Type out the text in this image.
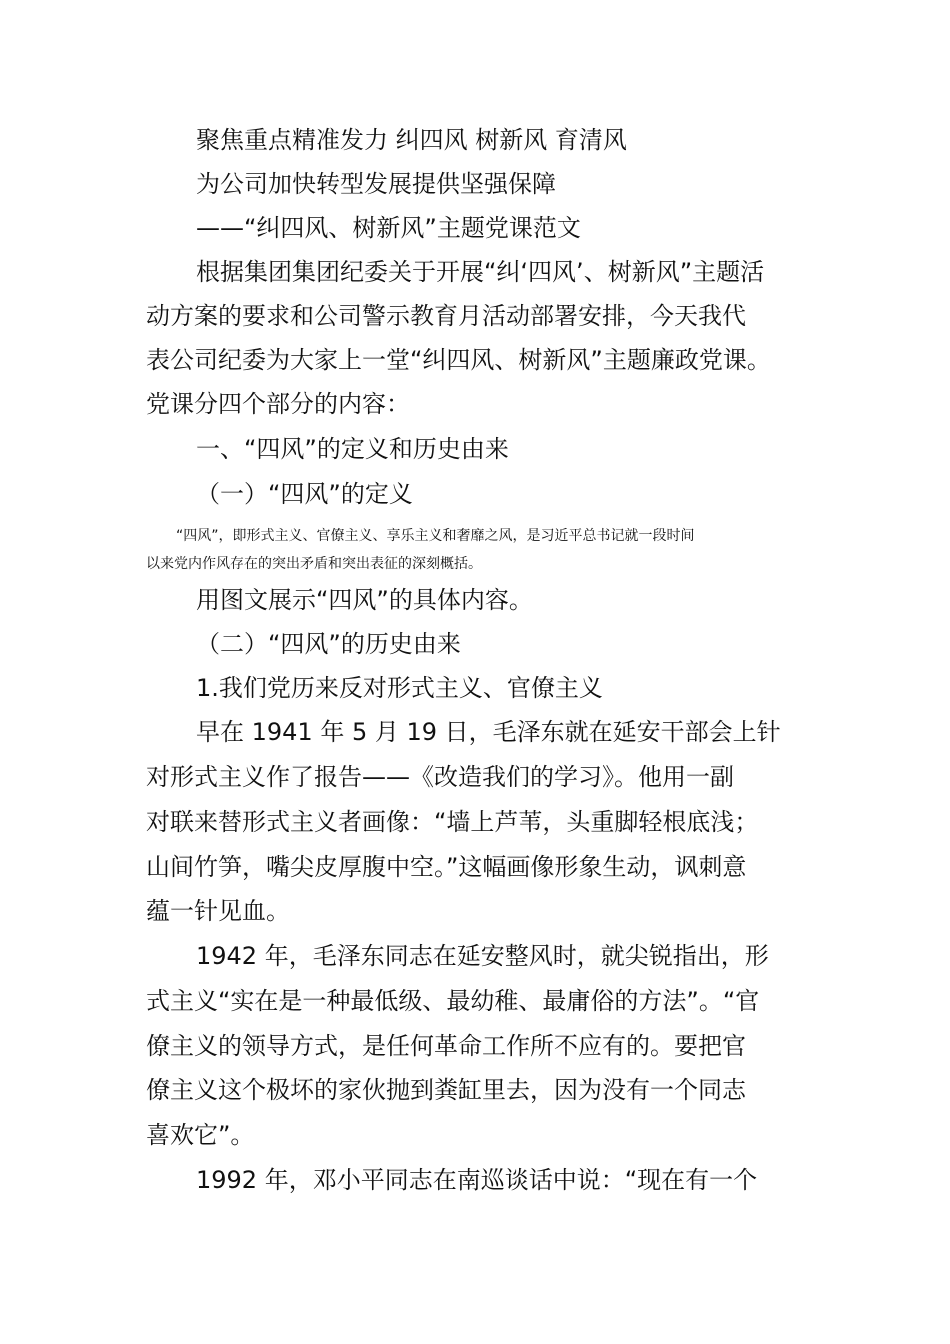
聚焦重点精准发力 纠四风 树新风 育清风

为公司加快转型发展提供坚强保障

——“纠四风、树新风”主题党课范文

根据集团集团纪委关于开展“纠‘四风’、树新风”主题活

动方案的要求和公司警示教育月活动部署安排，今天我代

表公司纪委为大家上一堂“纠四风、树新风”主题廉政党课。

党课分四个部分的内容：

一、“四风”的定义和历史由来

（一）“四风”的定义

“四风”，即形式主义、官僚主义、享乐主义和奢靡之风，是习近平总书记就一段时间

以来党内作风存在的突出矛盾和突出表征的深刻概括。

用图文展示“四风”的具体内容。

（二）“四风”的历史由来

1.我们党历来反对形式主义、官僚主义

早在 1941 年 5 月 19 日，毛泽东就在延安干部会上针

对形式主义作了报告——《改造我们的学习》。他用一副

对联来替形式主义者画像：“墙上芦苇，头重脚轻根底浅；

山间竹笋，嘴尖皮厚腹中空。”这幅画像形象生动，讽刺意

蕴一针见血。

1942 年，毛泽东同志在延安整风时，就尖锐指出，形

式主义“实在是一种最低级、最幼稚、最庸俗的方法”。“官

僚主义的领导方式，是任何革命工作所不应有的。要把官

僚主义这个极坏的家伙抛到粪缸里去，因为没有一个同志

喜欢它”。

1992 年，邓小平同志在南巡谈话中说：“现在有一个
